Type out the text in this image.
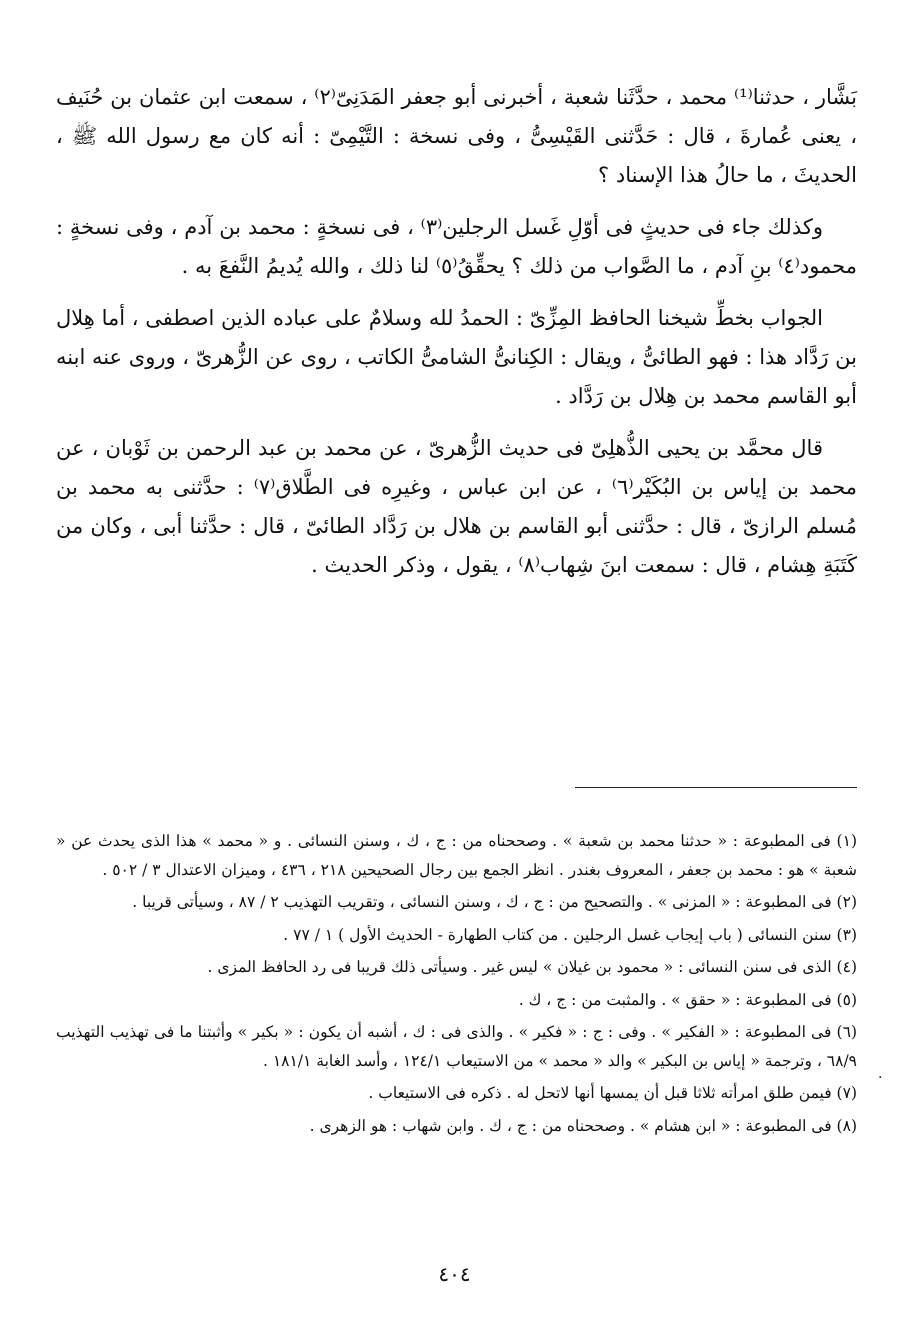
بَشَّار ، حدثنا⁽¹⁾ محمد ، حدَّثَنا شعبة ، أخبرنى أبو جعفر المَدَنِىّ⁽٢⁾ ، سمعت ابن عثمان بن حُنَيف ، يعنى عُمارةَ ، قال : حَدَّثنى القَيْسِىُّ ، وفى نسخة : التَّيْمِىّ : أنه كان مع رسول الله ﷺ ، الحديثَ ، ما حالُ هذا الإسناد ؟

وكذلك جاء فى حديثٍ فى أوّلِ غَسل الرجلين⁽٣⁾ ، فى نسخةٍ : محمد بن آدم ، وفى نسخةٍ : محمود⁽٤⁾ بنِ آدم ، ما الصَّواب من ذلك ؟ يحقِّقُ⁽٥⁾ لنا ذلك ، والله يُديمُ النَّفعَ به .

الجواب بخطِّ شيخنا الحافظ المِزِّىّ : الحمدُ لله وسلامٌ على عباده الذين اصطفى ، أما هِلال بن رَدَّاد هذا : فهو الطائىُّ ، ويقال : الكِنانىُّ الشامىُّ الكاتب ، روى عن الزُّهرىّ ، وروى عنه ابنه أبو القاسم محمد بن هِلال بن رَدَّاد .

قال محمَّد بن يحيى الذُّهلِىّ فى حديث الزُّهرىّ ، عن محمد بن عبد الرحمن بن ثَوْبان ، عن محمد بن إياس بن البُكَيْر⁽٦⁾ ، عن ابن عباس ، وغيرِه فى الطَّلاق⁽٧⁾ : حدَّثنى به محمد بن مُسلم الرازىّ ، قال : حدَّثنى أبو القاسم بن هلال بن رَدَّاد الطائىّ ، قال : حدَّثنا أبى ، وكان من كَتَبَةِ هِشام ، قال : سمعت ابنَ شِهاب⁽٨⁾ ، يقول ، وذكر الحديث .

(١) فى المطبوعة : « حدثنا محمد بن شعبة » . وصححناه من : ج ، ك ، وسنن النسائى . و « محمد » هذا الذى يحدث عن « شعبة » هو : محمد بن جعفر ، المعروف بغندر . انظر الجمع بين رجال الصحيحين ٢١٨ ، ٤٣٦ ، وميزان الاعتدال ٣ / ٥٠٢ .

(٢) فى المطبوعة : « المزنى » . والتصحيح من : ج ، ك ، وسنن النسائى ، وتقريب التهذيب ٢ / ٨٧ ، وسيأتى قريبا .

(٣) سنن النسائى ( باب إيجاب غسل الرجلين . من كتاب الطهارة - الحديث الأول ) ١ / ٧٧ .

(٤) الذى فى سنن النسائى : « محمود بن غيلان » ليس غير . وسيأتى ذلك قريبا فى رد الحافظ المزى .

(٥) فى المطبوعة : « حقق » . والمثبت من : ج ، ك .

(٦) فى المطبوعة : « الفكير » . وفى : ج : « فكير » . والذى فى : ك ، أشبه أن يكون : « بكير » وأثبتنا ما فى تهذيب التهذيب ٦٨/٩ ، وترجمة « إياس بن البكير » والد « محمد » من الاستيعاب ١٢٤/١ ، وأسد الغابة ١٨١/١ .

(٧) فيمن طلق امرأته ثلاثا قبل أن يمسها أنها لاتحل له . ذكره فى الاستيعاب .

(٨) فى المطبوعة : « ابن هشام » . وصححناه من : ج ، ك . وابن شهاب : هو الزهرى .

.
٤٠٤
